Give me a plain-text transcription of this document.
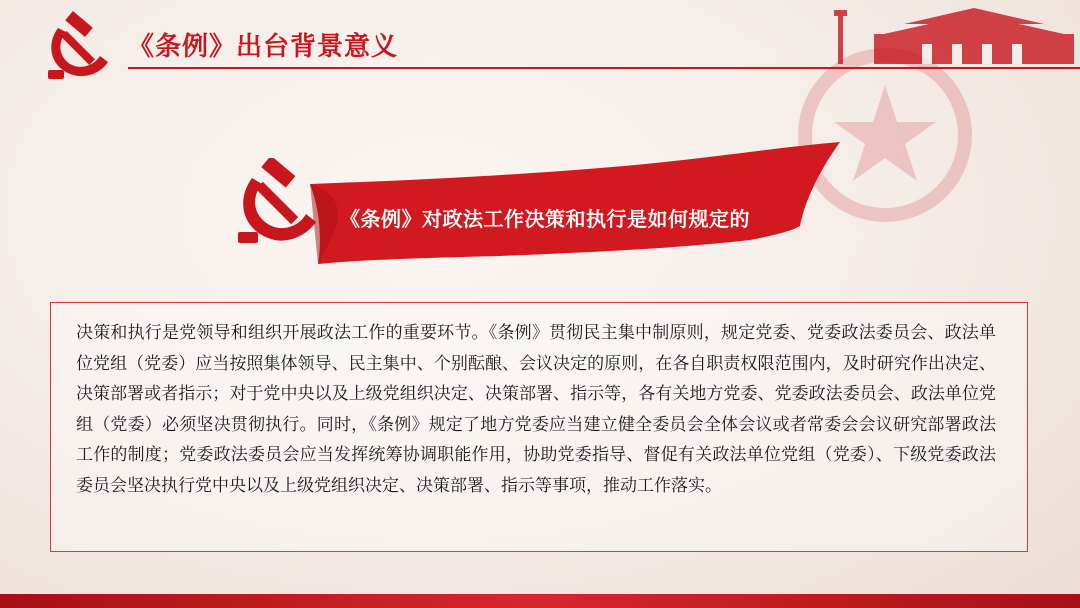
《条例》出台背景意义
《条例》对政法工作决策和执行是如何规定的
决策和执行是党领导和组织开展政法工作的重要环节。《条例》贯彻民主集中制原则，规定党委、党委政法委员会、政法单位党组（党委）应当按照集体领导、民主集中、个别酝酿、会议决定的原则，在各自职责权限范围内，及时研究作出决定、决策部署或者指示；对于党中央以及上级党组织决定、决策部署、指示等，各有关地方党委、党委政法委员会、政法单位党组（党委）必须坚决贯彻执行。同时，《条例》规定了地方党委应当建立健全委员会全体会议或者常委会会议研究部署政法工作的制度；党委政法委员会应当发挥统筹协调职能作用，协助党委指导、督促有关政法单位党组（党委）、下级党委政法委员会坚决执行党中央以及上级党组织决定、决策部署、指示等事项，推动工作落实。
